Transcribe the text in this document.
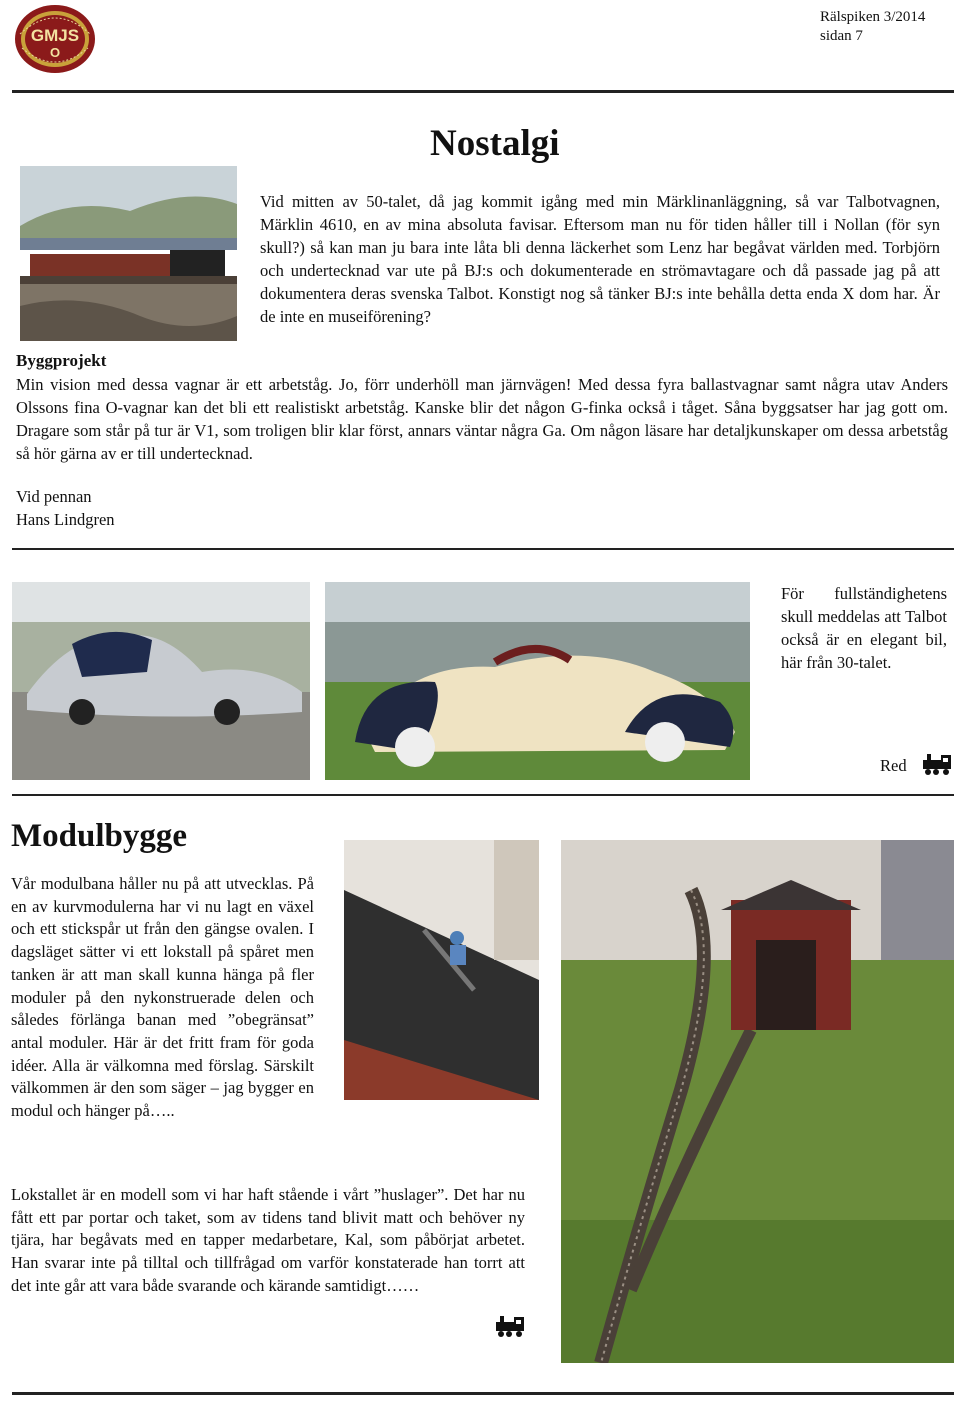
GMJS
O
Rälspiken 3/2014
sidan 7
Nostalgi
Vid mitten av 50-talet, då jag kommit igång med min Märklinanläggning, så var Talbotvagnen, Märklin 4610, en av mina absoluta favisar. Eftersom man nu för tiden håller till i Nollan (för syn skull?) så kan man ju bara inte låta bli denna läckerhet som Lenz har begåvat världen med. Torbjörn och undertecknad var ute på BJ:s och dokumenterade en strömavtagare och då passade jag på att dokumentera deras svenska Talbot. Konstigt nog så tänker BJ:s inte behålla detta enda X dom har. Är de inte en museiförening?
Byggprojekt
Min vision med dessa vagnar är ett arbetståg. Jo, förr underhöll man järnvägen! Med dessa fyra ballastvagnar samt några utav Anders Olssons fina O-vagnar kan det bli ett realistiskt arbetståg. Kanske blir det någon G-finka också i tåget. Såna byggsatser har jag gott om. Dragare som står på tur är V1, som troligen blir klar först, annars väntar några Ga. Om någon läsare har detaljkunskaper om dessa arbetståg så hör gärna av er till undertecknad.
Vid pennan
Hans Lindgren
För fullständighetens skull meddelas att Talbot också är en elegant bil, här från 30-talet.
Red
Modulbygge
Vår modulbana håller nu på att utvecklas. På en av kurvmodulerna har vi nu lagt en växel och ett stickspår ut från den gängse ovalen. I dagsläget sätter vi ett lokstall på spåret men tanken är att man skall kunna hänga på fler moduler på den nykonstruerade delen och således förlänga banan med ”obegränsat” antal moduler. Här är det fritt fram för goda idéer. Alla är välkomna med förslag. Särskilt välkommen är den som säger – jag bygger en modul och hänger på…..
Lokstallet är en modell som vi har haft stående i vårt ”huslager”. Det har nu fått ett par portar och taket, som av tidens tand blivit matt och behöver ny tjära, har begåvats med en tapper medarbetare, Kal, som påbörjat arbetet. Han svarar inte på tilltal och tillfrågad om varför konstaterade han torrt att det inte går att vara både svarande och kärande samtidigt……
